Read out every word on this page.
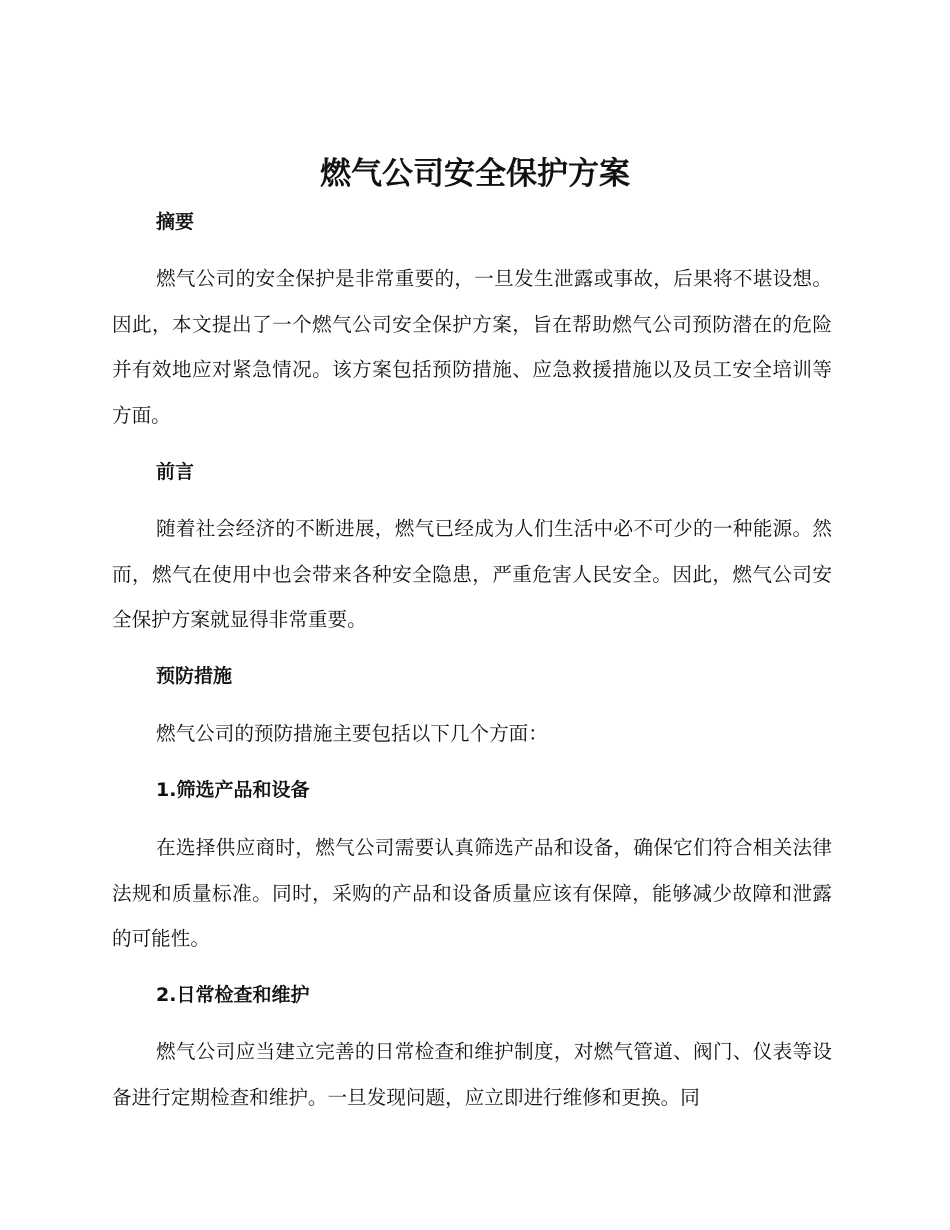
燃气公司安全保护方案
摘要
燃气公司的安全保护是非常重要的，一旦发生泄露或事故，后果将不堪设想。因此，本文提出了一个燃气公司安全保护方案，旨在帮助燃气公司预防潜在的危险并有效地应对紧急情况。该方案包括预防措施、应急救援措施以及员工安全培训等方面。
前言
随着社会经济的不断进展，燃气已经成为人们生活中必不可少的一种能源。然而，燃气在使用中也会带来各种安全隐患，严重危害人民安全。因此，燃气公司安全保护方案就显得非常重要。
预防措施
燃气公司的预防措施主要包括以下几个方面：
1.筛选产品和设备
在选择供应商时，燃气公司需要认真筛选产品和设备，确保它们符合相关法律法规和质量标准。同时，采购的产品和设备质量应该有保障，能够减少故障和泄露的可能性。
2.日常检查和维护
燃气公司应当建立完善的日常检查和维护制度，对燃气管道、阀门、仪表等设备进行定期检查和维护。一旦发现问题，应立即进行维修和更换。同
